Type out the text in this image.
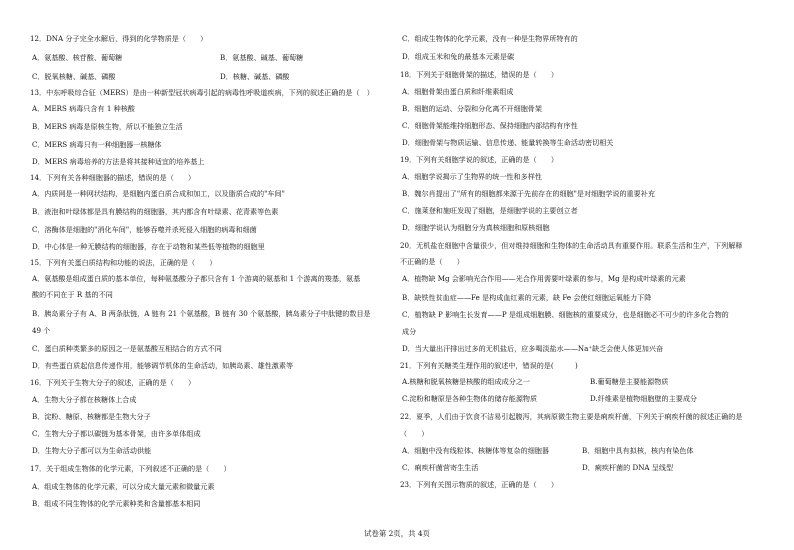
12．DNA 分子完全水解后，得到的化学物质是（　　）
A．氨基酸、核苷酸、葡萄糖	B．氨基酸、碱基、葡萄糖
C．脱氧核糖、碱基、磷酸	D．核糖、碱基、磷酸
13．中东呼吸综合征（MERS）是由一种新型冠状病毒引起的病毒性呼吸道疾病，下列的叙述正确的是（　）
A．MERS 病毒只含有 1 种核酸
B．MERS 病毒是原核生物，所以不能独立生活
C．MERS 病毒只有一种细胞器一核糖体
D．MERS 病毒培养的方法是将其接种适宜的培养基上
14．下列有关各种细胞器的描述，错误的是（　　）
A．内质网是一种网状结构，是细胞内蛋白质合成和加工，以及脂质合成的"车间"
B．液泡和叶绿体都是具有膜结构的细胞器，其内都含有叶绿素、花青素等色素
C．溶酶体是细胞的"消化车间"，能够吞噬并杀死侵入细胞的病毒和细菌
D．中心体是一种无膜结构的细胞器，存在于动物和某些低等植物的细胞里
15．下列有关蛋白质结构和功能的说法，正确的是（　　）
A．氨基酸是组成蛋白质的基本单位，每种氨基酸分子都只含有 1 个游离的氨基和 1 个游离的羧基，氨基
酸的不同在于 R 基的不同
B．胰岛素分子有 A、B 两条肽链，A 链有 21 个氨基酸，B 链有 30 个氨基酸，胰岛素分子中肽键的数目是
49 个
C．蛋白质种类繁多的原因之一是氨基酸互相结合的方式不同
D．有些蛋白质起信息传递作用，能够调节机体的生命活动，如胰岛素、雄性激素等
16．下列关于生物大分子的叙述，正确的是（　　）
A．生物大分子都在核糖体上合成
B．淀粉、糖原、核糖都是生物大分子
C．生物大分子都以碳链为基本骨架，由许多单体组成
D．生物大分子都可以为生命活动供能
17．关于组成生物体的化学元素，下列叙述不正确的是（　　）
A．组成生物体的化学元素，可以分成大量元素和微量元素
B．组成不同生物体的化学元素种类和含量都基本相同
C．组成生物体的化学元素，没有一种是生物界所特有的
D．组成玉米和兔的最基本元素是碳
18．下列关于细胞骨架的描述，错误的是（　　）
A．细胞骨架由蛋白质和纤维素组成
B．细胞的运动、分裂和分化离不开细胞骨架
C．细胞骨架能维持细胞形态、保持细胞内部结构有序性
D．细胞骨架与物质运输、信息传递、能量转换等生命活动密切相关
19．下列有关细胞学说的叙述，正确的是（　　）
A．细胞学说揭示了生物界的统一性和多样性
B．魏尔肖提出了"所有的细胞都来源于先前存在的细胞"是对细胞学说的重要补充
C．施莱登和施旺发现了细胞，是细胞学说的主要创立者
D．细胞学说认为细胞分为真核细胞和原核细胞
20．无机盐在细胞中含量很少，但对维持细胞和生物体的生命活动具有重要作用。联系生活和生产，下列解释
不正确的是（　　）
A．植物缺 Mg 会影响光合作用——光合作用需要叶绿素的参与，Mg 是构成叶绿素的元素
B．缺铁性贫血症——Fe 是构成血红素的元素，缺 Fe 会使红细胞运氧能力下降
C．植物缺 P 影响生长发育——P 是组成细胞膜、细胞核的重要成分，也是细胞必不可少的许多化合物的
成分
D．当大量出汗排出过多的无机盐后，应多喝淡盐水——Na⁺缺乏会使人体更加兴奋
21．下列有关糖类生理作用的叙述中，错误的是(　　　)
A.核糖和脱氧核糖是核酸的组成成分之一	B.葡萄糖是主要能源物质
C.淀粉和糖原是各种生物体的储存能源物质	D.纤维素是植物细胞壁的主要成分
22．夏季，人们由于饮食不洁易引起腹泻，其病原微生物主要是痢疾杆菌，下列关于痢疾杆菌的叙述正确的是
（　　）
A．细胞中没有线粒体、核糖体等复杂的细胞器	B．细胞中具有拟核，核内有染色体
C．痢疾杆菌营寄生生活	D．痢疾杆菌的 DNA 呈线型
23．下列有关图示物质的叙述，正确的是（　　）
试卷第 2页，共 4页
